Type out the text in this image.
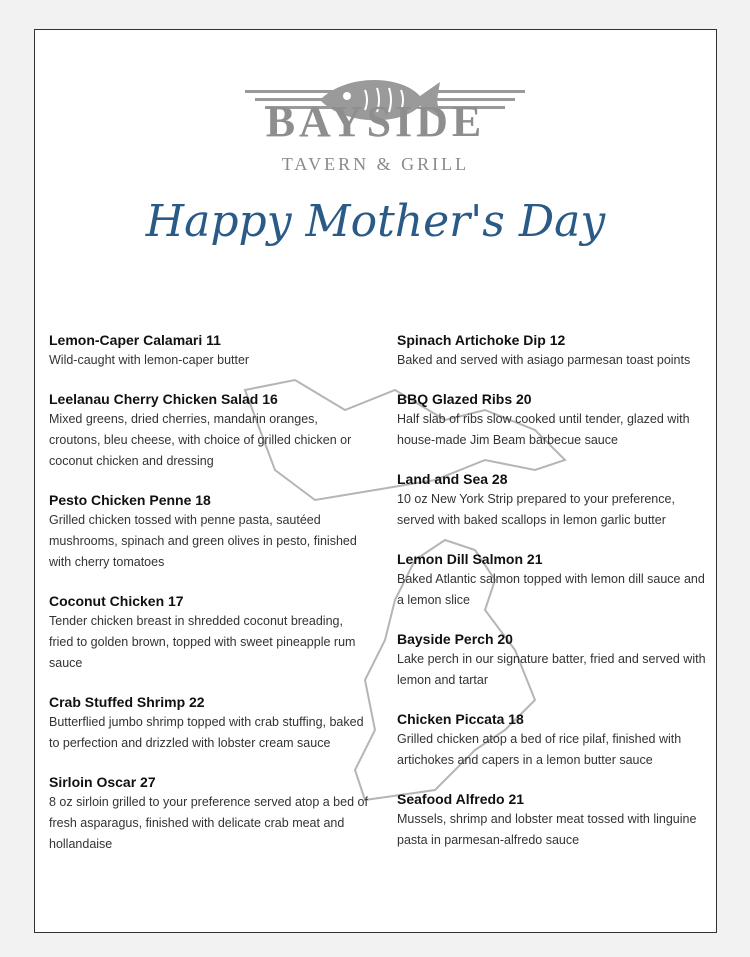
BAYSIDE
TAVERN & GRILL
Happy Mother's Day
Lemon-Caper Calamari 11
Wild-caught with lemon-caper butter
Leelanau Cherry Chicken Salad 16
Mixed greens, dried cherries, mandarin oranges, croutons, bleu cheese, with choice of grilled chicken or coconut chicken and dressing
Pesto Chicken Penne 18
Grilled chicken tossed with penne pasta, sautéed mushrooms, spinach and green olives in pesto, finished with cherry tomatoes
Coconut Chicken 17
Tender chicken breast in shredded coconut breading, fried to golden brown, topped with sweet pineapple rum sauce
Crab Stuffed Shrimp 22
Butterflied jumbo shrimp topped with crab stuffing, baked to perfection and drizzled with lobster cream sauce
Sirloin Oscar 27
8 oz sirloin grilled to your preference served atop a bed of fresh asparagus, finished with delicate crab meat and hollandaise
Spinach Artichoke Dip 12
Baked and served with asiago parmesan toast points
BBQ Glazed Ribs 20
Half slab of ribs slow cooked until tender, glazed with house-made Jim Beam barbecue sauce
Land and Sea 28
10 oz New York Strip prepared to your preference, served with baked scallops in lemon garlic butter
Lemon Dill Salmon 21
Baked Atlantic salmon topped with lemon dill sauce and a lemon slice
Bayside Perch 20
Lake perch in our signature batter, fried and served with lemon and tartar
Chicken Piccata 18
Grilled chicken atop a bed of rice pilaf, finished with artichokes and capers in a lemon butter sauce
Seafood Alfredo 21
Mussels, shrimp and lobster meat tossed with linguine pasta in parmesan-alfredo sauce
